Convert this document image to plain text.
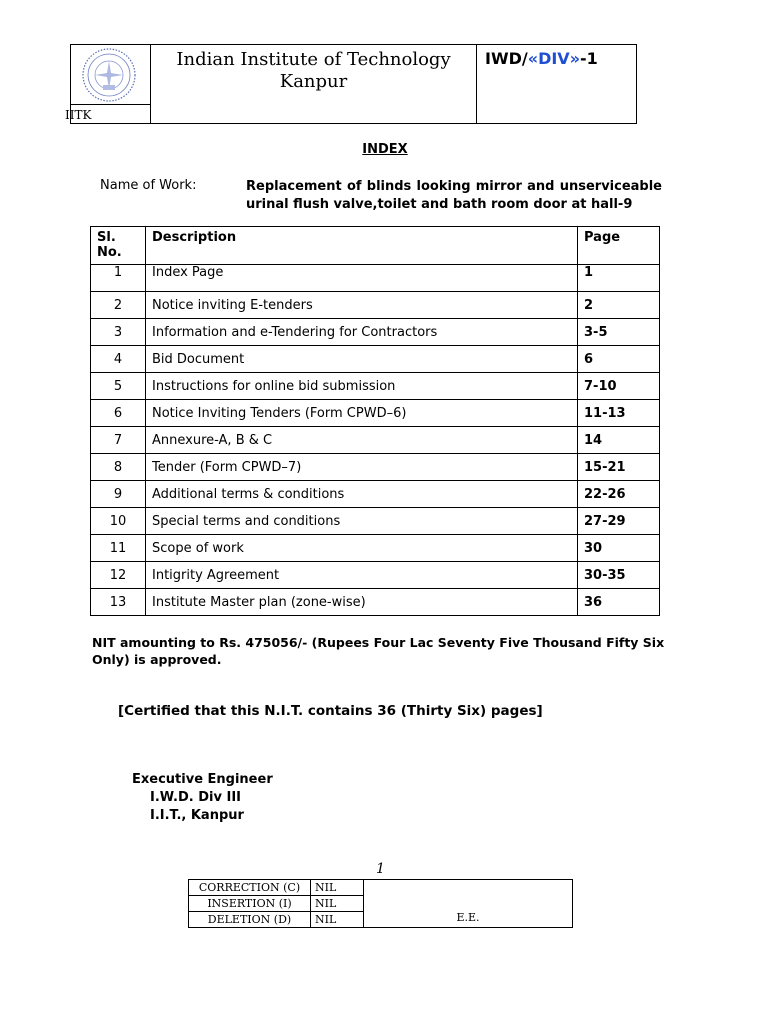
IITK
Indian Institute of Technology
Kanpur
IWD/«DIV»-1
INDEX
Name of Work:	Replacement of blinds looking mirror and unserviceable urinal flush valve,toilet and bath room door at hall-9
Sl. No.	Description	Page
1	Index Page	1
2	Notice inviting E-tenders	2
3	Information and e-Tendering for Contractors	3-5
4	Bid Document	6
5	Instructions for online bid submission	7-10
6	Notice Inviting Tenders (Form CPWD–6)	11-13
7	Annexure-A, B & C	14
8	Tender (Form CPWD–7)	15-21
9	Additional terms & conditions	22-26
10	Special terms and conditions	27-29
11	Scope of work	30
12	Intigrity Agreement	30-35
13	Institute Master plan (zone-wise)	36
NIT amounting to Rs. 475056/- (Rupees Four Lac Seventy Five Thousand Fifty Six Only) is approved.
[Certified that this N.I.T. contains 36 (Thirty Six) pages]
Executive Engineer
I.W.D. Div III
I.I.T., Kanpur
1
CORRECTION (C)	NIL	E.E.
INSERTION (I)	NIL	
DELETION (D)	NIL	
